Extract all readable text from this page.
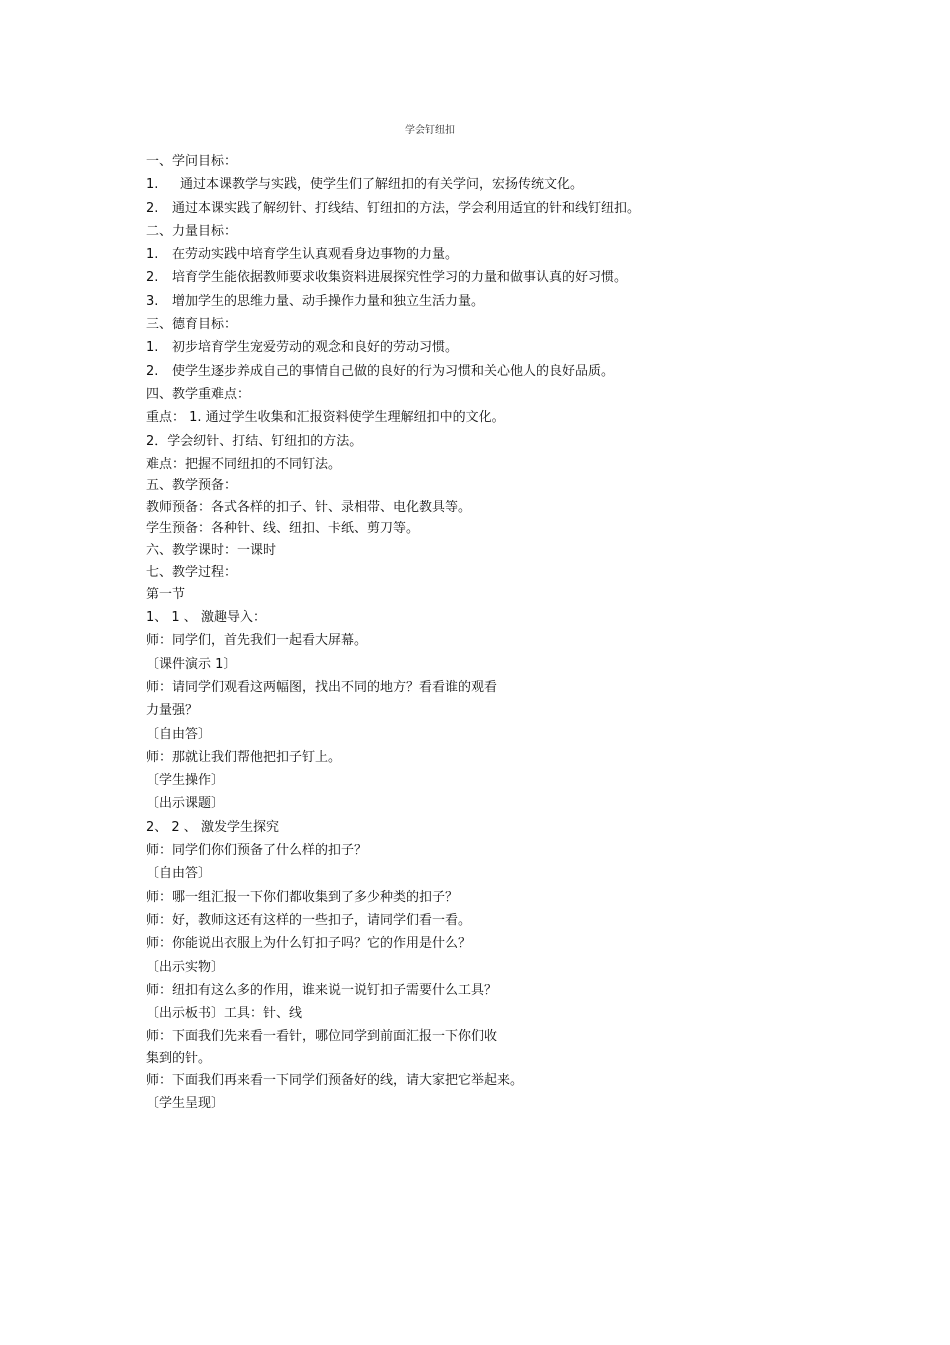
学会钉纽扣
一、学问目标：
1. 通过本课教学与实践，使学生们了解纽扣的有关学问，宏扬传统文化。
2. 通过本课实践了解纫针、打线结、钉纽扣的方法，学会利用适宜的针和线钉纽扣。
二、力量目标：
1. 在劳动实践中培育学生认真观看身边事物的力量。
2. 培育学生能依据教师要求收集资料进展探究性学习的力量和做事认真的好习惯。
3. 增加学生的思维力量、动手操作力量和独立生活力量。
三、德育目标：
1. 初步培育学生宠爱劳动的观念和良好的劳动习惯。
2. 使学生逐步养成自己的事情自己做的良好的行为习惯和关心他人的良好品质。
四、教学重难点：
重点： 1. 通过学生收集和汇报资料使学生理解纽扣中的文化。
2．学会纫针、打结、钉纽扣的方法。
难点：把握不同纽扣的不同钉法。
五、教学预备：
教师预备：各式各样的扣子、针、录相带、电化教具等。
学生预备：各种针、线、纽扣、卡纸、剪刀等。
六、教学课时：一课时
七、教学过程：
第一节
1、 1 、 激趣导入：
师：同学们，首先我们一起看大屏幕。
〔课件演示 1〕
师：请同学们观看这两幅图，找出不同的地方？看看谁的观看
力量强？
〔自由答〕
师：那就让我们帮他把扣子钉上。
〔学生操作〕
〔出示课题〕
2、 2 、 激发学生探究
师：同学们你们预备了什么样的扣子？
〔自由答〕
师：哪一组汇报一下你们都收集到了多少种类的扣子？
师：好，教师这还有这样的一些扣子，请同学们看一看。
师：你能说出衣服上为什么钉扣子吗？它的作用是什么？
〔出示实物〕
师：纽扣有这么多的作用，谁来说一说钉扣子需要什么工具？
〔出示板书〕工具：针、线
师：下面我们先来看一看针，哪位同学到前面汇报一下你们收
集到的针。
师：下面我们再来看一下同学们预备好的线，请大家把它举起来。
〔学生呈现〕
